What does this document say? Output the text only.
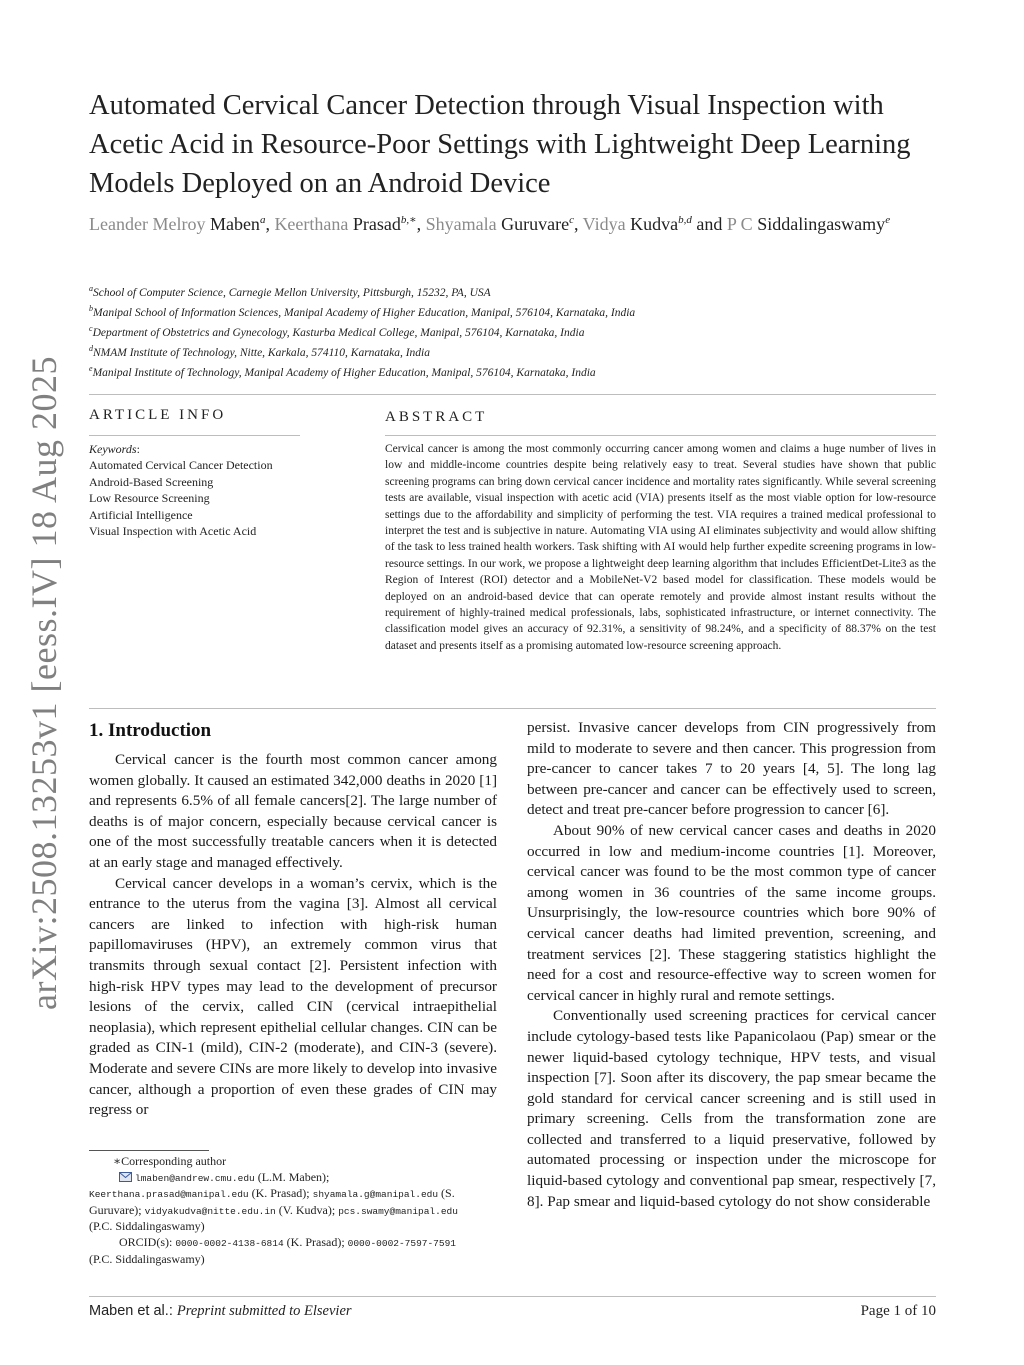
arXiv:2508.13253v1 [eess.IV] 18 Aug 2025
Automated Cervical Cancer Detection through Visual Inspection with Acetic Acid in Resource-Poor Settings with Lightweight Deep Learning Models Deployed on an Android Device
Leander Melroy Maben$^a$, Keerthana Prasad$^{b,∗}$, Shyamala Guruvare$^c$, Vidya Kudva$^{b,d}$ and P C Siddalingaswamy$^e$
$^a$School of Computer Science, Carnegie Mellon University, Pittsburgh, 15232, PA, USA
$^b$Manipal School of Information Sciences, Manipal Academy of Higher Education, Manipal, 576104, Karnataka, India
$^c$Department of Obstetrics and Gynecology, Kasturba Medical College, Manipal, 576104, Karnataka, India
$^d$NMAM Institute of Technology, Nitte, Karkala, 574110, Karnataka, India
$^e$Manipal Institute of Technology, Manipal Academy of Higher Education, Manipal, 576104, Karnataka, India
ARTICLE INFO
Keywords:
Automated Cervical Cancer Detection
Android-Based Screening
Low Resource Screening
Artificial Intelligence
Visual Inspection with Acetic Acid
ABSTRACT
Cervical cancer is among the most commonly occurring cancer among women and claims a huge number of lives in low and middle-income countries despite being relatively easy to treat. Several studies have shown that public screening programs can bring down cervical cancer incidence and mortality rates significantly. While several screening tests are available, visual inspection with acetic acid (VIA) presents itself as the most viable option for low-resource settings due to the affordability and simplicity of performing the test. VIA requires a trained medical professional to interpret the test and is subjective in nature. Automating VIA using AI eliminates subjectivity and would allow shifting of the task to less trained health workers. Task shifting with AI would help further expedite screening programs in low-resource settings. In our work, we propose a lightweight deep learning algorithm that includes EfficientDet-Lite3 as the Region of Interest (ROI) detector and a MobileNet-V2 based model for classification. These models would be deployed on an android-based device that can operate remotely and provide almost instant results without the requirement of highly-trained medical professionals, labs, sophisticated infrastructure, or internet connectivity. The classification model gives an accuracy of 92.31%, a sensitivity of 98.24%, and a specificity of 88.37% on the test dataset and presents itself as a promising automated low-resource screening approach.
1. Introduction

Cervical cancer is the fourth most common cancer among women globally. It caused an estimated 342,000 deaths in 2020 [1] and represents 6.5% of all female cancers[2]. The large number of deaths is of major concern, especially because cervical cancer is one of the most successfully treatable cancers when it is detected at an early stage and managed effectively.

Cervical cancer develops in a woman’s cervix, which is the entrance to the uterus from the vagina [3]. Almost all cervical cancers are linked to infection with high-risk human papillomaviruses (HPV), an extremely common virus that transmits through sexual contact [2]. Persistent infection with high-risk HPV types may lead to the development of precursor lesions of the cervix, called CIN (cervical intraepithelial neoplasia), which represent epithelial cellular changes. CIN can be graded as CIN-1 (mild), CIN-2 (moderate), and CIN-3 (severe). Moderate and severe CINs are more likely to develop into invasive cancer, although a proportion of even these grades of CIN may regress or

persist. Invasive cancer develops from CIN progressively from mild to moderate to severe and then cancer. This progression from pre-cancer to cancer takes 7 to 20 years [4, 5]. The long lag between pre-cancer and cancer can be effectively used to screen, detect and treat pre-cancer before progression to cancer [6].

About 90% of new cervical cancer cases and deaths in 2020 occurred in low and medium-income countries [1]. Moreover, cervical cancer was found to be the most common type of cancer among women in 36 countries of the same income groups. Unsurprisingly, the low-resource countries which bore 90% of cervical cancer deaths had limited prevention, screening, and treatment services [2]. These staggering statistics highlight the need for a cost and resource-effective way to screen women for cervical cancer in highly rural and remote settings.

Conventionally used screening practices for cervical cancer include cytology-based tests like Papanicolaou (Pap) smear or the newer liquid-based cytology technique, HPV tests, and visual inspection [7]. Soon after its discovery, the pap smear became the gold standard for cervical cancer screening and is still used in primary screening. Cells from the transformation zone are collected and transferred to a liquid preservative, followed by automated processing or inspection under the microscope for liquid-based cytology and conventional pap smear, respectively [7, 8]. Pap smear and liquid-based cytology do not show considerable

∗Corresponding author
lmaben@andrew.cmu.edu (L.M. Maben);
Keerthana.prasad@manipal.edu (K. Prasad); shyamala.g@manipal.edu (S. Guruvare); vidyakudva@nitte.edu.in (V. Kudva); pcs.swamy@manipal.edu
(P.C. Siddalingaswamy)
ORCID(s): 0000-0002-4138-6814 (K. Prasad); 0000-0002-7597-7591
(P.C. Siddalingaswamy)
Maben et al.: Preprint submitted to Elsevier	Page 1 of 10
